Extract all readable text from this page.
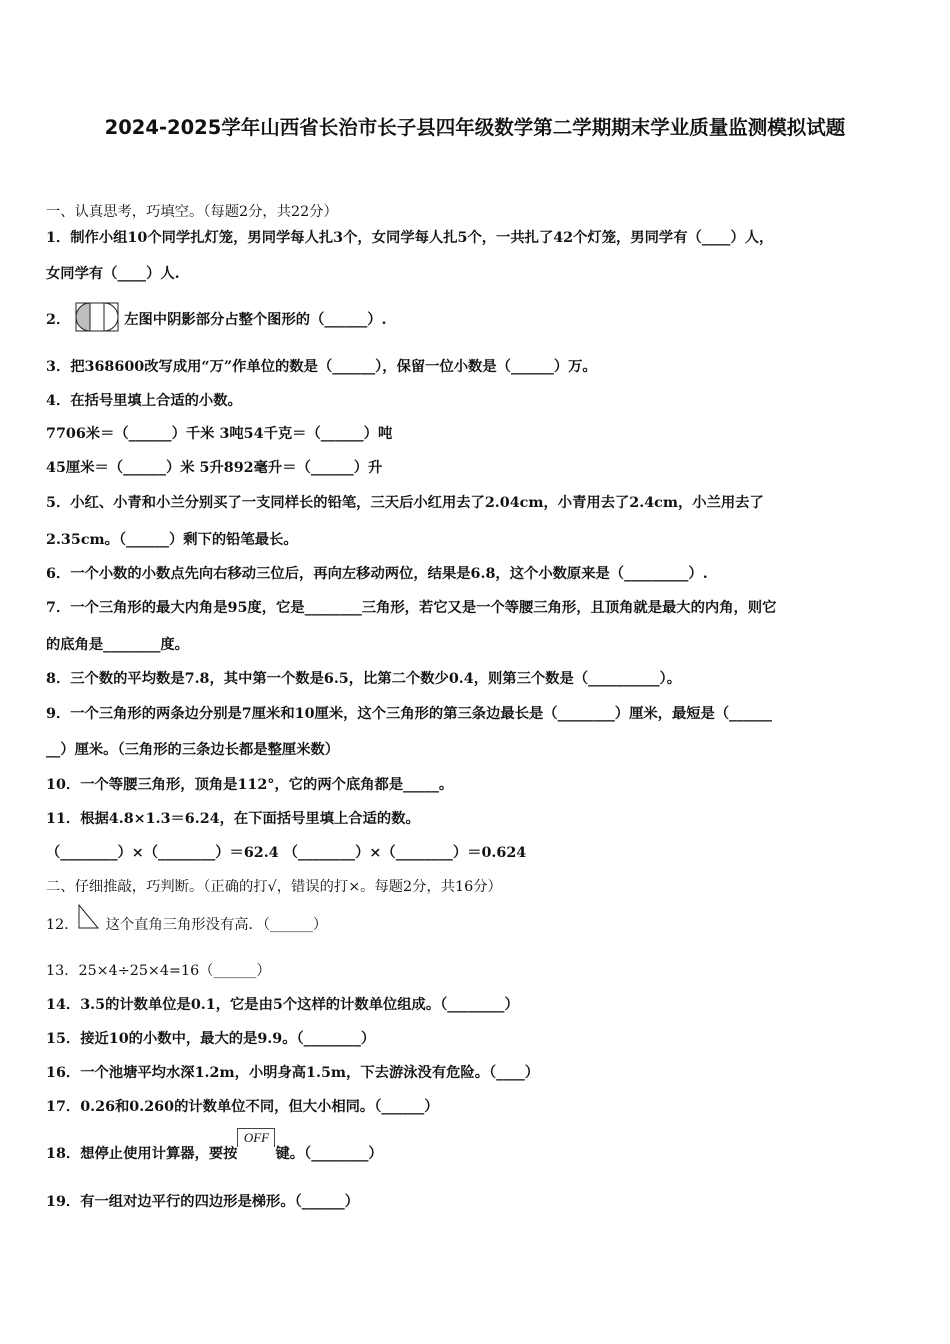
2024-2025学年山西省长治市长子县四年级数学第二学期期末学业质量监测模拟试题
一、认真思考，巧填空。（每题2分，共22分）
1．制作小组10个同学扎灯笼，男同学每人扎3个，女同学每人扎5个，一共扎了42个灯笼，男同学有（____）人，
女同学有（____）人.
2．	左图中阴影部分占整个图形的（______）.
3．把368600改写成用“万”作单位的数是（______），保留一位小数是（______）万。
4．在括号里填上合适的小数。
7706米＝（______）千米 3吨54千克＝（______）吨
45厘米＝（______）米 5升892毫升＝（______）升
5．小红、小青和小兰分别买了一支同样长的铅笔，三天后小红用去了2.04cm，小青用去了2.4cm，小兰用去了
2.35cm。（______）剩下的铅笔最长。
6．一个小数的小数点先向右移动三位后，再向左移动两位，结果是6.8，这个小数原来是（_________）.
7．一个三角形的最大内角是95度，它是________三角形，若它又是一个等腰三角形，且顶角就是最大的内角，则它
的底角是________度。
8．三个数的平均数是7.8，其中第一个数是6.5，比第二个数少0.4，则第三个数是（__________）。
9．一个三角形的两条边分别是7厘米和10厘米，这个三角形的第三条边最长是（________）厘米，最短是（______
__）厘米。（三角形的三条边长都是整厘米数）
10．一个等腰三角形，顶角是112°，它的两个底角都是_____。
11．根据4.8×1.3＝6.24，在下面括号里填上合适的数。
（________）×（________）＝62.4 （________）×（________）＝0.624
二、仔细推敲，巧判断。（正确的打√，错误的打×。每题2分，共16分）
12． 这个直角三角形没有高．（______）
13．25×4÷25×4=16（______）
14．3.5的计数单位是0.1，它是由5个这样的计数单位组成。（________）
15．接近10的小数中，最大的是9.9。（________）
16．一个池塘平均水深1.2m，小明身高1.5m，下去游泳没有危险。（____）
17．0.26和0.260的计数单位不同，但大小相同。（______）
18．想停止使用计算器，要按OFF键。（________）
19．有一组对边平行的四边形是梯形。（______）
